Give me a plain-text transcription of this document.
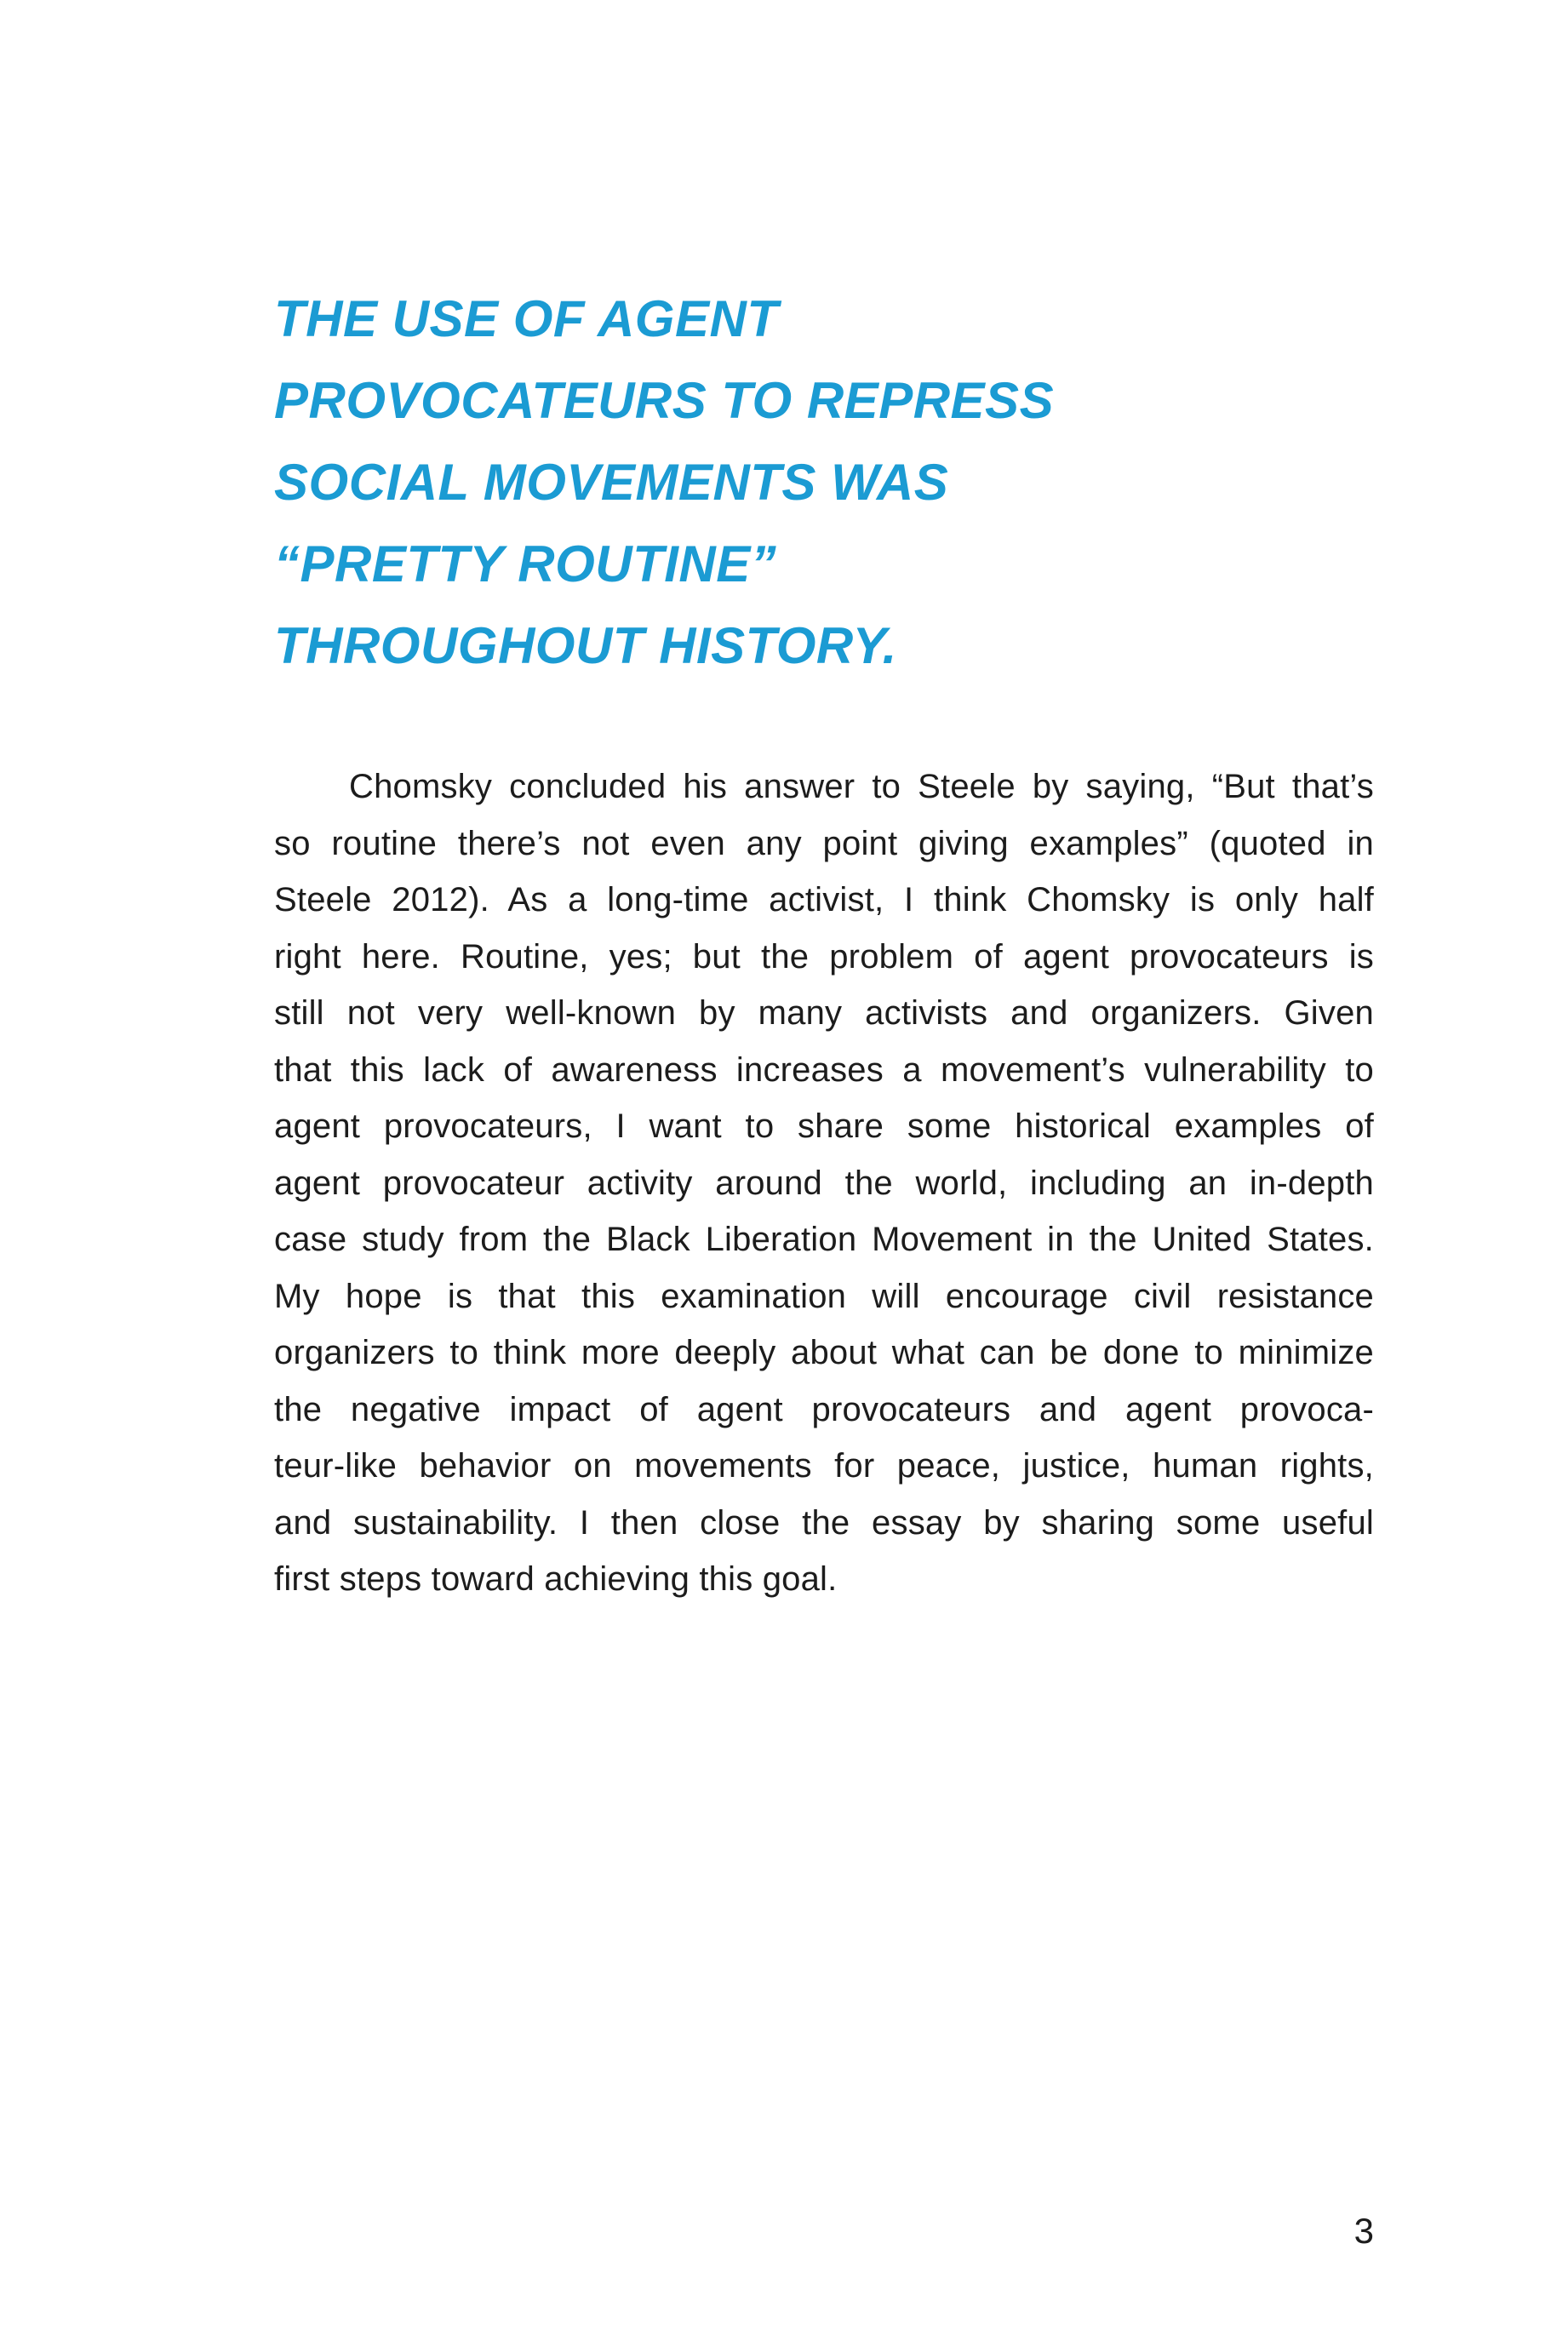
THE USE OF AGENT
PROVOCATEURS TO REPRESS
SOCIAL MOVEMENTS WAS
“PRETTY ROUTINE”
THROUGHOUT HISTORY.
Chomsky concluded his answer to Steele by saying, “But that’s
so routine there’s not even any point giving examples” (quoted in
Steele 2012). As a long-time activist, I think Chomsky is only half
right here. Routine, yes; but the problem of agent provocateurs is
still not very well-known by many activists and organizers. Given
that this lack of awareness increases a movement’s vulnerability to
agent provocateurs, I want to share some historical examples of
agent provocateur activity around the world, including an in-depth
case study from the Black Liberation Movement in the United States.
My hope is that this examination will encourage civil resistance
organizers to think more deeply about what can be done to minimize
the negative impact of agent provocateurs and agent provoca-
teur-like behavior on movements for peace, justice, human rights,
and sustainability. I then close the essay by sharing some useful
first steps toward achieving this goal.
3
